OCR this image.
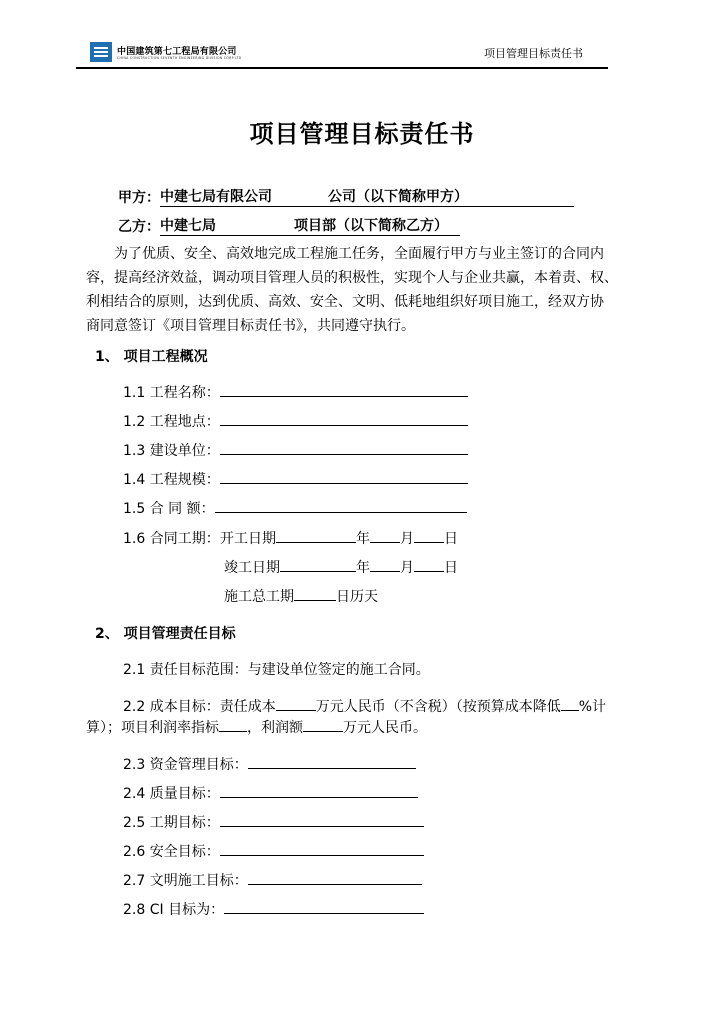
中国建筑第七工程局有限公司
CHINA CONSTRUCTION SEVENTH ENGINEERING DIVISION CORP.LTD	项目管理目标责任书
项目管理目标责任书
甲方：中建七局有限公司	公司（以下简称甲方）
乙方：中建七局	项目部（以下简称乙方）
为了优质、安全、高效地完成工程施工任务，全面履行甲方与业主签订的合同内
容，提高经济效益，调动项目管理人员的积极性，实现个人与企业共赢，本着责、权、
利相结合的原则，达到优质、高效、安全、文明、低耗地组织好项目施工，经双方协
商同意签订《项目管理目标责任书》，共同遵守执行。
1、 项目工程概况
1.1 工程名称：
1.2 工程地点：
1.3 建设单位：
1.4 工程规模：
1.5 合 同 额：
1.6 合同工期： 开工日期	年 月 日
竣工日期	年 月 日
施工总工期	日历天
2、 项目管理责任目标
2.1 责任目标范围：与建设单位签定的施工合同。
2.2 成本目标：责任成本	万元人民币（不含税）（按预算成本降低 %计
算）；项目利润率指标 ，利润额	万元人民币。
2.3 资金管理目标：
2.4 质量目标：
2.5 工期目标：
2.6 安全目标：
2.7 文明施工目标：
2.8 CI 目标为：
